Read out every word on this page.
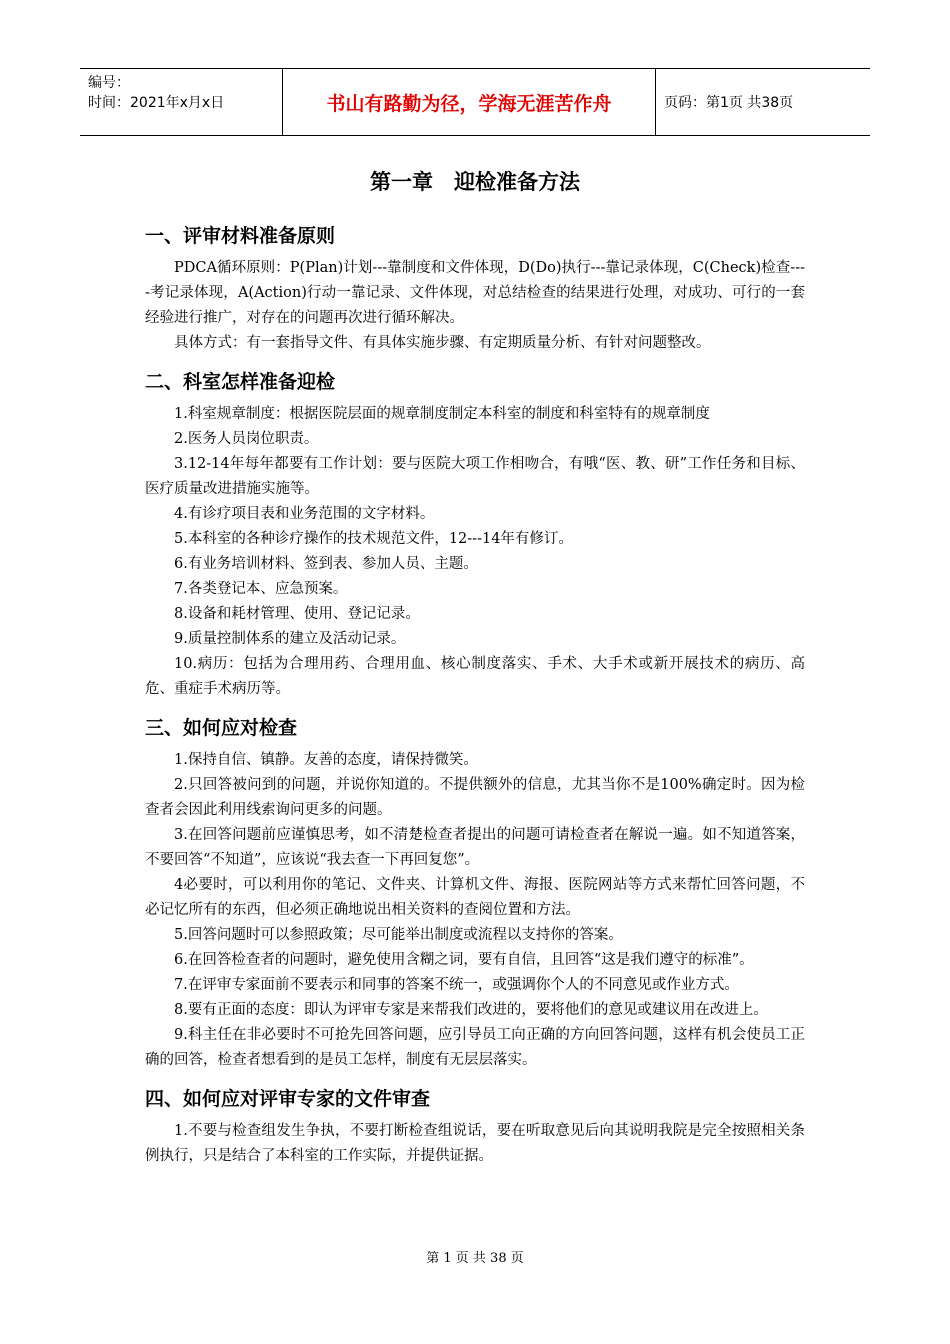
编号：
时间：2021年x月x日	书山有路勤为径，学海无涯苦作舟	页码：第1页 共38页
第一章　迎检准备方法
一、评审材料准备原则
PDCA循环原则：P(Plan)计划---靠制度和文件体现，D(Do)执行---靠记录体现，C(Check)检查----考记录体现，A(Action)行动一靠记录、文件体现，对总结检查的结果进行处理，对成功、可行的一套经验进行推广，对存在的问题再次进行循环解决。
具体方式：有一套指导文件、有具体实施步骤、有定期质量分析、有针对问题整改。
二、科室怎样准备迎检
1.科室规章制度：根据医院层面的规章制度制定本科室的制度和科室特有的规章制度
2.医务人员岗位职责。
3.12-14年每年都要有工作计划：要与医院大项工作相吻合，有哦“医、教、研”工作任务和目标、医疗质量改进措施实施等。
4.有诊疗项目表和业务范围的文字材料。
5.本科室的各种诊疗操作的技术规范文件，12---14年有修订。
6.有业务培训材料、签到表、参加人员、主题。
7.各类登记本、应急预案。
8.设备和耗材管理、使用、登记记录。
9.质量控制体系的建立及活动记录。
10.病历：包括为合理用药、合理用血、核心制度落实、手术、大手术或新开展技术的病历、高危、重症手术病历等。
三、如何应对检查
1.保持自信、镇静。友善的态度，请保持微笑。
2.只回答被问到的问题，并说你知道的。不提供额外的信息，尤其当你不是100%确定时。因为检查者会因此利用线索询问更多的问题。
3.在回答问题前应谨慎思考，如不清楚检查者提出的问题可请检查者在解说一遍。如不知道答案，不要回答“不知道”，应该说“我去查一下再回复您”。
4必要时，可以利用你的笔记、文件夹、计算机文件、海报、医院网站等方式来帮忙回答问题，不必记忆所有的东西，但必须正确地说出相关资料的查阅位置和方法。
5.回答问题时可以参照政策；尽可能举出制度或流程以支持你的答案。
6.在回答检查者的问题时，避免使用含糊之词，要有自信，且回答“这是我们遵守的标准”。
7.在评审专家面前不要表示和同事的答案不统一，或强调你个人的不同意见或作业方式。
8.要有正面的态度：即认为评审专家是来帮我们改进的，要将他们的意见或建议用在改进上。
9.科主任在非必要时不可抢先回答问题，应引导员工向正确的方向回答问题，这样有机会使员工正确的回答，检查者想看到的是员工怎样，制度有无层层落实。
四、如何应对评审专家的文件审查
1.不要与检查组发生争执，不要打断检查组说话，要在听取意见后向其说明我院是完全按照相关条例执行，只是结合了本科室的工作实际，并提供证据。
第 1 页 共 38 页
